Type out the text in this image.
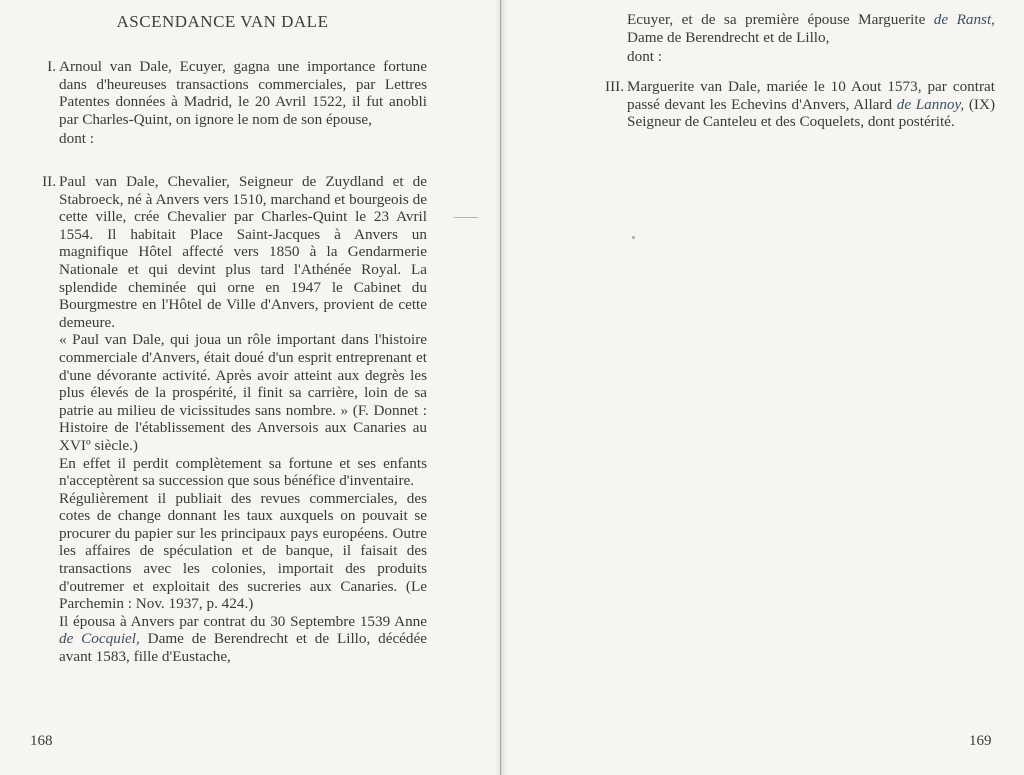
ASCENDANCE VAN DALE
I. Arnoul van Dale, Ecuyer, gagna une importance fortune dans d'heureuses transactions commerciales, par Lettres Patentes données à Madrid, le 20 Avril 1522, il fut anobli par Charles-Quint, on ignore le nom de son épouse,

dont :

II. Paul van Dale, Chevalier, Seigneur de Zuydland et de Stabroeck, né à Anvers vers 1510, marchand et bourgeois de cette ville, crée Chevalier par Charles-Quint le 23 Avril 1554. Il habitait Place Saint-Jacques à Anvers un magnifique Hôtel affecté vers 1850 à la Gendarmerie Nationale et qui devint plus tard l'Athénée Royal. La splendide cheminée qui orne en 1947 le Cabinet du Bourgmestre en l'Hôtel de Ville d'Anvers, provient de cette demeure.

« Paul van Dale, qui joua un rôle important dans l'histoire commerciale d'Anvers, était doué d'un esprit entreprenant et d'une dévorante activité. Après avoir atteint aux degrès les plus élevés de la prospérité, il finit sa carrière, loin de sa patrie au milieu de vicissitudes sans nombre. » (F. Donnet : Histoire de l'établissement des Anversois aux Canaries au XVIº siècle.)

En effet il perdit complètement sa fortune et ses enfants n'acceptèrent sa succession que sous bénéfice d'inventaire.

Régulièrement il publiait des revues commerciales, des cotes de change donnant les taux auxquels on pouvait se procurer du papier sur les principaux pays européens. Outre les affaires de spéculation et de banque, il faisait des transactions avec les colonies, importait des produits d'outremer et exploitait des sucreries aux Canaries. (Le Parchemin : Nov. 1937, p. 424.)

Il épousa à Anvers par contrat du 30 Septembre 1539 Anne de Cocquiel, Dame de Berendrecht et de Lillo, décédée avant 1583, fille d'Eustache,

168	169

Ecuyer, et de sa première épouse Marguerite de Ranst, Dame de Berendrecht et de Lillo,

dont :

III. Marguerite van Dale, mariée le 10 Aout 1573, par contrat passé devant les Echevins d'Anvers, Allard de Lannoy, (IX) Seigneur de Canteleu et des Coquelets, dont postérité.
